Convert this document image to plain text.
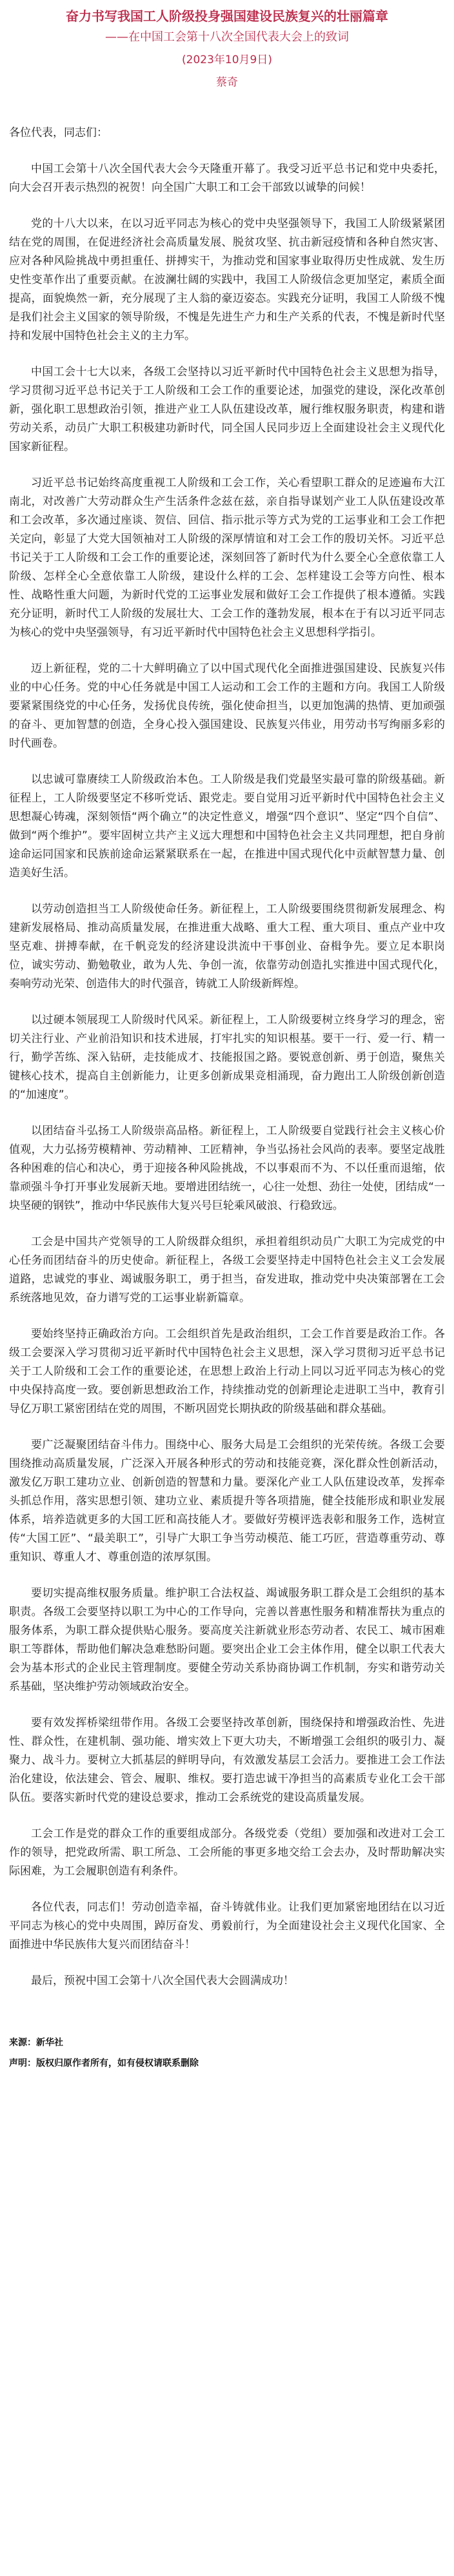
奋力书写我国工人阶级投身强国建设民族复兴的壮丽篇章
——在中国工会第十八次全国代表大会上的致词
(2023年10月9日)
蔡奇

各位代表，同志们：

中国工会第十八次全国代表大会今天隆重开幕了。我受习近平总书记和党中央委托，向大会召开表示热烈的祝贺！向全国广大职工和工会干部致以诚挚的问候！

党的十八大以来，在以习近平同志为核心的党中央坚强领导下，我国工人阶级紧紧团结在党的周围，在促进经济社会高质量发展、脱贫攻坚、抗击新冠疫情和各种自然灾害、应对各种风险挑战中勇担重任、拼搏实干，为推动党和国家事业取得历史性成就、发生历史性变革作出了重要贡献。在波澜壮阔的实践中，我国工人阶级信念更加坚定，素质全面提高，面貌焕然一新，充分展现了主人翁的豪迈姿态。实践充分证明，我国工人阶级不愧是我们社会主义国家的领导阶级，不愧是先进生产力和生产关系的代表，不愧是新时代坚持和发展中国特色社会主义的主力军。

中国工会十七大以来，各级工会坚持以习近平新时代中国特色社会主义思想为指导，学习贯彻习近平总书记关于工人阶级和工会工作的重要论述，加强党的建设，深化改革创新，强化职工思想政治引领，推进产业工人队伍建设改革，履行维权服务职责，构建和谐劳动关系，动员广大职工积极建功新时代，同全国人民同步迈上全面建设社会主义现代化国家新征程。

习近平总书记始终高度重视工人阶级和工会工作，关心看望职工群众的足迹遍布大江南北，对改善广大劳动群众生产生活条件念兹在兹，亲自指导谋划产业工人队伍建设改革和工会改革，多次通过座谈、贺信、回信、指示批示等方式为党的工运事业和工会工作把关定向，彰显了大党大国领袖对工人阶级的深厚情谊和对工会工作的殷切关怀。习近平总书记关于工人阶级和工会工作的重要论述，深刻回答了新时代为什么要全心全意依靠工人阶级、怎样全心全意依靠工人阶级，建设什么样的工会、怎样建设工会等方向性、根本性、战略性重大问题，为新时代党的工运事业发展和做好工会工作提供了根本遵循。实践充分证明，新时代工人阶级的发展壮大、工会工作的蓬勃发展，根本在于有以习近平同志为核心的党中央坚强领导，有习近平新时代中国特色社会主义思想科学指引。

迈上新征程，党的二十大鲜明确立了以中国式现代化全面推进强国建设、民族复兴伟业的中心任务。党的中心任务就是中国工人运动和工会工作的主题和方向。我国工人阶级要紧紧围绕党的中心任务，发扬优良传统，强化使命担当，以更加饱满的热情、更加顽强的奋斗、更加智慧的创造，全身心投入强国建设、民族复兴伟业，用劳动书写绚丽多彩的时代画卷。

以忠诚可靠赓续工人阶级政治本色。工人阶级是我们党最坚实最可靠的阶级基础。新征程上，工人阶级要坚定不移听党话、跟党走。要自觉用习近平新时代中国特色社会主义思想凝心铸魂，深刻领悟“两个确立”的决定性意义，增强“四个意识”、坚定“四个自信”、做到“两个维护”。要牢固树立共产主义远大理想和中国特色社会主义共同理想，把自身前途命运同国家和民族前途命运紧紧联系在一起，在推进中国式现代化中贡献智慧力量、创造美好生活。

以劳动创造担当工人阶级使命任务。新征程上，工人阶级要围绕贯彻新发展理念、构建新发展格局、推动高质量发展，在推进重大战略、重大工程、重大项目、重点产业中攻坚克难、拼搏奉献，在千帆竞发的经济建设洪流中干事创业、奋楫争先。要立足本职岗位，诚实劳动、勤勉敬业，敢为人先、争创一流，依靠劳动创造扎实推进中国式现代化，奏响劳动光荣、创造伟大的时代强音，铸就工人阶级新辉煌。

以过硬本领展现工人阶级时代风采。新征程上，工人阶级要树立终身学习的理念，密切关注行业、产业前沿知识和技术进展，打牢扎实的知识根基。要干一行、爱一行、精一行，勤学苦练、深入钻研，走技能成才、技能报国之路。要锐意创新、勇于创造，聚焦关键核心技术，提高自主创新能力，让更多创新成果竞相涌现，奋力跑出工人阶级创新创造的“加速度”。

以团结奋斗弘扬工人阶级崇高品格。新征程上，工人阶级要自觉践行社会主义核心价值观，大力弘扬劳模精神、劳动精神、工匠精神，争当弘扬社会风尚的表率。要坚定战胜各种困难的信心和决心，勇于迎接各种风险挑战，不以事艰而不为、不以任重而退缩，依靠顽强斗争打开事业发展新天地。要增进团结统一，心往一处想、劲往一处使，团结成“一块坚硬的钢铁”，推动中华民族伟大复兴号巨轮乘风破浪、行稳致远。

工会是中国共产党领导的工人阶级群众组织，承担着组织动员广大职工为完成党的中心任务而团结奋斗的历史使命。新征程上，各级工会要坚持走中国特色社会主义工会发展道路，忠诚党的事业、竭诚服务职工，勇于担当，奋发进取，推动党中央决策部署在工会系统落地见效，奋力谱写党的工运事业崭新篇章。

要始终坚持正确政治方向。工会组织首先是政治组织，工会工作首要是政治工作。各级工会要深入学习贯彻习近平新时代中国特色社会主义思想，深入学习贯彻习近平总书记关于工人阶级和工会工作的重要论述，在思想上政治上行动上同以习近平同志为核心的党中央保持高度一致。要创新思想政治工作，持续推动党的创新理论走进职工当中，教育引导亿万职工紧密团结在党的周围，不断巩固党长期执政的阶级基础和群众基础。

要广泛凝聚团结奋斗伟力。围绕中心、服务大局是工会组织的光荣传统。各级工会要围绕推动高质量发展，广泛深入开展各种形式的劳动和技能竞赛，深化群众性创新活动，激发亿万职工建功立业、创新创造的智慧和力量。要深化产业工人队伍建设改革，发挥牵头抓总作用，落实思想引领、建功立业、素质提升等各项措施，健全技能形成和职业发展体系，培养造就更多的大国工匠和高技能人才。要做好劳模评选表彰和服务工作，选树宣传“大国工匠”、“最美职工”，引导广大职工争当劳动模范、能工巧匠，营造尊重劳动、尊重知识、尊重人才、尊重创造的浓厚氛围。

要切实提高维权服务质量。维护职工合法权益、竭诚服务职工群众是工会组织的基本职责。各级工会要坚持以职工为中心的工作导向，完善以普惠性服务和精准帮扶为重点的服务体系，为职工群众提供贴心服务。要高度关注新就业形态劳动者、农民工、城市困难职工等群体，帮助他们解决急难愁盼问题。要突出企业工会主体作用，健全以职工代表大会为基本形式的企业民主管理制度。要健全劳动关系协商协调工作机制，夯实和谐劳动关系基础，坚决维护劳动领域政治安全。

要有效发挥桥梁纽带作用。各级工会要坚持改革创新，围绕保持和增强政治性、先进性、群众性，在建机制、强功能、增实效上下更大功夫，不断增强工会组织的吸引力、凝聚力、战斗力。要树立大抓基层的鲜明导向，有效激发基层工会活力。要推进工会工作法治化建设，依法建会、管会、履职、维权。要打造忠诚干净担当的高素质专业化工会干部队伍。要落实新时代党的建设总要求，推动工会系统党的建设高质量发展。

工会工作是党的群众工作的重要组成部分。各级党委（党组）要加强和改进对工会工作的领导，把党政所需、职工所急、工会所能的事更多地交给工会去办，及时帮助解决实际困难，为工会履职创造有利条件。

各位代表，同志们！劳动创造幸福，奋斗铸就伟业。让我们更加紧密地团结在以习近平同志为核心的党中央周围，踔厉奋发、勇毅前行，为全面建设社会主义现代化国家、全面推进中华民族伟大复兴而团结奋斗！

最后，预祝中国工会第十八次全国代表大会圆满成功！

来源：新华社

声明：版权归原作者所有，如有侵权请联系删除
